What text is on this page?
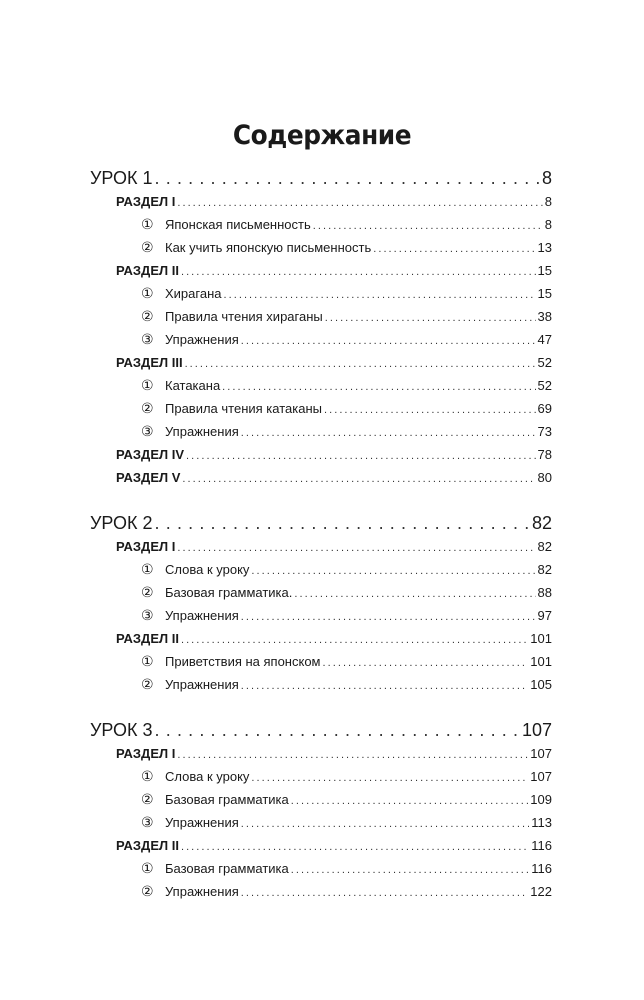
Содержание
УРОК 1 . . .	8
РАЗДЕЛ I . . .	8
① Японская письменность . . .	8
② Как учить японскую письменность . . .	13
РАЗДЕЛ II . . .	15
① Хирагана . . .	15
② Правила чтения хираганы . . .	38
③ Упражнения . . .	47
РАЗДЕЛ III . . .	52
① Катакана . . .	52
② Правила чтения катаканы . . .	69
③ Упражнения . . .	73
РАЗДЕЛ IV . . .	78
РАЗДЕЛ V . . .	80
УРОК 2 . . .	82
РАЗДЕЛ I . . .	82
① Слова к уроку . . .	82
② Базовая грамматика. . . .	88
③ Упражнения . . .	97
РАЗДЕЛ II . . .	101
① Приветствия на японском . . .	101
② Упражнения . . .	105
УРОК 3 . . .	107
РАЗДЕЛ I . . .	107
① Слова к уроку . . .	107
② Базовая грамматика . . .	109
③ Упражнения . . .	113
РАЗДЕЛ II . . .	116
① Базовая грамматика . . .	116
② Упражнения . . .	122
